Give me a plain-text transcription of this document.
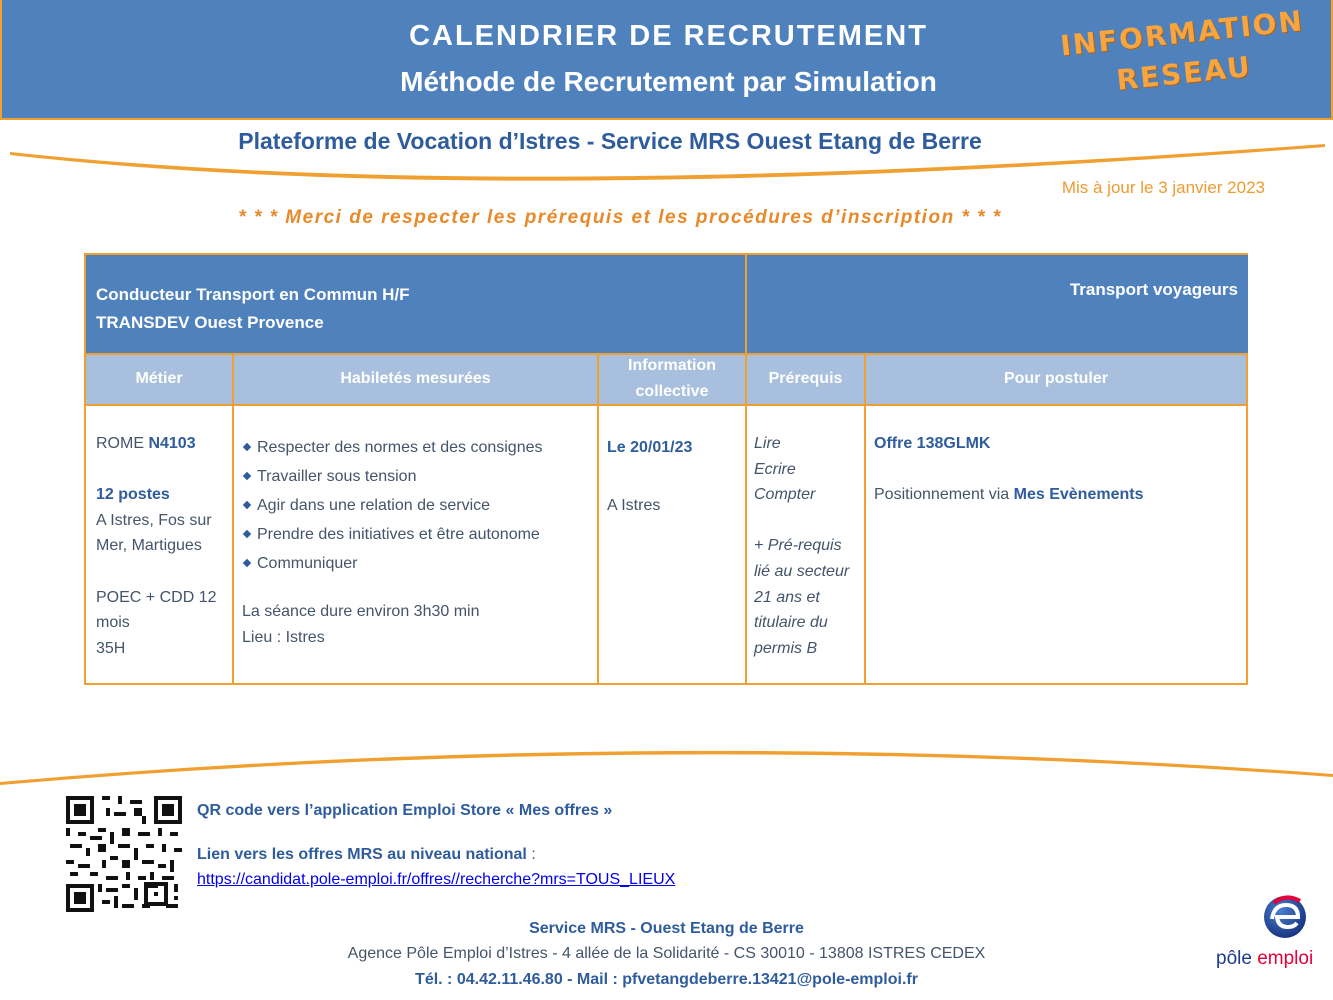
CALENDRIER DE RECRUTEMENT
Méthode de Recrutement par Simulation
INFORMATION
RESEAU
Plateforme de Vocation d’Istres - Service MRS Ouest Etang de Berre
Mis à jour le 3 janvier 2023
* * * Merci de respecter les prérequis et les procédures d’inscription * * *
Conducteur Transport en Commun H/F
TRANSDEV Ouest Provence
Transport voyageurs
Métier	Habiletés mesurées
Information
collective
Prérequis	Pour postuler
ROME N4103
12 postes
A Istres, Fos sur
Mer, Martigues
POEC + CDD 12
mois
35H
Respecter des normes et des consignes
Travailler sous tension
Agir dans une relation de service
Prendre des initiatives et être autonome
Communiquer
La séance dure environ 3h30 min
Lieu : Istres
Le 20/01/23
A Istres
Lire
Ecrire
Compter
+ Pré-requis
lié au secteur
21 ans et
titulaire du
permis B
Offre 138GLMK
Positionnement via Mes Evènements
QR code vers l’application Emploi Store « Mes offres »
Lien vers les offres MRS au niveau national :
https://candidat.pole-emploi.fr/offres//recherche?mrs=TOUS_LIEUX
Service MRS - Ouest Etang de Berre
Agence Pôle Emploi d’Istres - 4 allée de la Solidarité - CS 30010 - 13808 ISTRES CEDEX
Tél. : 04.42.11.46.80 - Mail : pfvetangdeberre.13421@pole-emploi.fr
pôle emploi
